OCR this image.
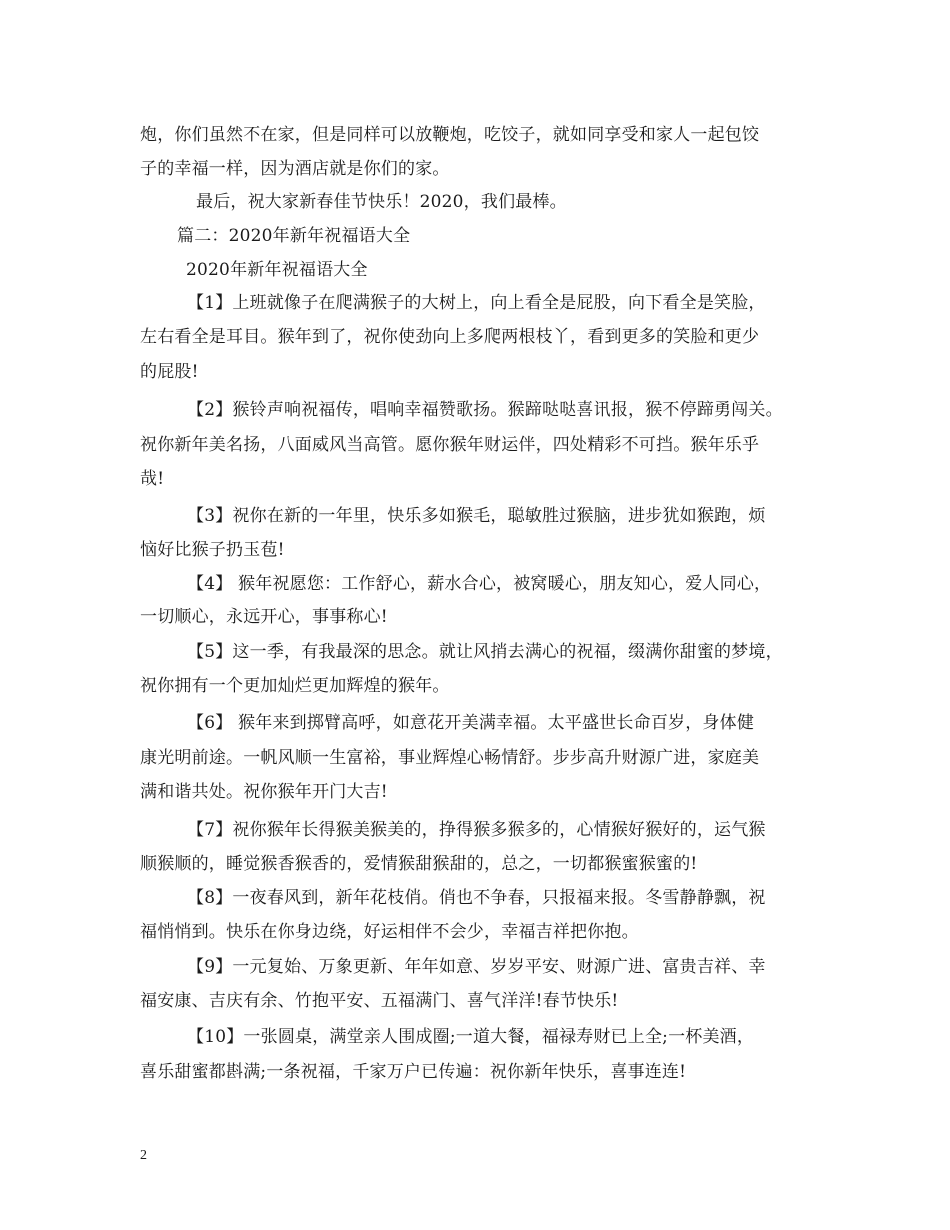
炮，你们虽然不在家，但是同样可以放鞭炮，吃饺子，就如同享受和家人一起包饺

子的幸福一样，因为酒店就是你们的家。

最后，祝大家新春佳节快乐！2020，我们最棒。

篇二：2020年新年祝福语大全

2020年新年祝福语大全

【1】上班就像子在爬满猴子的大树上，向上看全是屁股，向下看全是笑脸，

左右看全是耳目。猴年到了，祝你使劲向上多爬两根枝丫，看到更多的笑脸和更少

的屁股!

【2】猴铃声响祝福传，唱响幸福赞歌扬。猴蹄哒哒喜讯报，猴不停蹄勇闯关。

祝你新年美名扬，八面威风当高管。愿你猴年财运伴，四处精彩不可挡。猴年乐乎

哉!

【3】祝你在新的一年里，快乐多如猴毛，聪敏胜过猴脑，进步犹如猴跑，烦

恼好比猴子扔玉苞!

【4】 猴年祝愿您：工作舒心，薪水合心，被窝暖心，朋友知心，爱人同心，

一切顺心，永远开心，事事称心!

【5】这一季，有我最深的思念。就让风捎去满心的祝福，缀满你甜蜜的梦境，

祝你拥有一个更加灿烂更加辉煌的猴年。

【6】 猴年来到掷臂高呼，如意花开美满幸福。太平盛世长命百岁，身体健

康光明前途。一帆风顺一生富裕，事业辉煌心畅情舒。步步高升财源广进，家庭美

满和谐共处。祝你猴年开门大吉!

【7】祝你猴年长得猴美猴美的，挣得猴多猴多的，心情猴好猴好的，运气猴

顺猴顺的，睡觉猴香猴香的，爱情猴甜猴甜的，总之，一切都猴蜜猴蜜的!

【8】一夜春风到，新年花枝俏。俏也不争春，只报福来报。冬雪静静飘，祝

福悄悄到。快乐在你身边绕，好运相伴不会少，幸福吉祥把你抱。

【9】一元复始、万象更新、年年如意、岁岁平安、财源广进、富贵吉祥、幸

福安康、吉庆有余、竹抱平安、五福满门、喜气洋洋!春节快乐!

【10】一张圆桌，满堂亲人围成圈;一道大餐，福禄寿财已上全;一杯美酒，

喜乐甜蜜都斟满;一条祝福，千家万户已传遍：祝你新年快乐，喜事连连!

2
